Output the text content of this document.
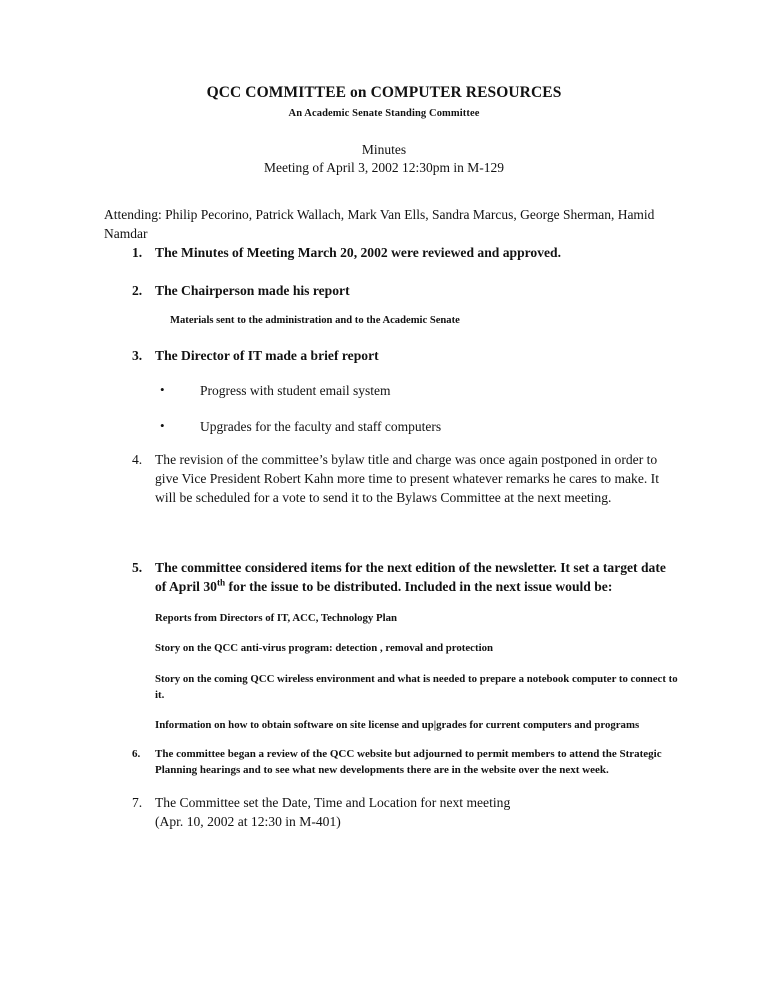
QCC COMMITTEE on COMPUTER RESOURCES
An Academic Senate Standing Committee
Minutes
Meeting of April 3, 2002 12:30pm in M-129

Attending: Philip Pecorino, Patrick Wallach, Mark Van Ells, Sandra Marcus, George Sherman, Hamid Namdar

1. The Minutes of Meeting March 20, 2002 were reviewed and approved.
2. The Chairperson made his report

Materials sent to the administration and to the Academic Senate

3. The Director of IT made a brief report
•	Progress with student email system
•	Upgrades for the faculty and staff computers
4. The revision of the committee’s bylaw title and charge was once again postponed in order to give Vice President Robert Kahn more time to present whatever remarks he cares to make. It will be scheduled for a vote to send it to the Bylaws Committee at the next meeting.
5. The committee considered items for the next edition of the newsletter. It set a target date of April 30th for the issue to be distributed. Included in the next issue would be:
Reports from Directors of IT, ACC, Technology Plan
Story on the QCC anti-virus program: detection , removal and protection
Story on the coming QCC wireless environment and what is needed to prepare a notebook computer to connect to it.
Information on how to obtain software on site license and up|grades for current computers and programs
6.	The committee began a review of the QCC website but adjourned to permit members to attend the Strategic Planning hearings and to see what new developments there are in the website over the next week.
7. The Committee set the Date, Time and Location for next meeting
(Apr. 10, 2002 at 12:30 in M-401)
